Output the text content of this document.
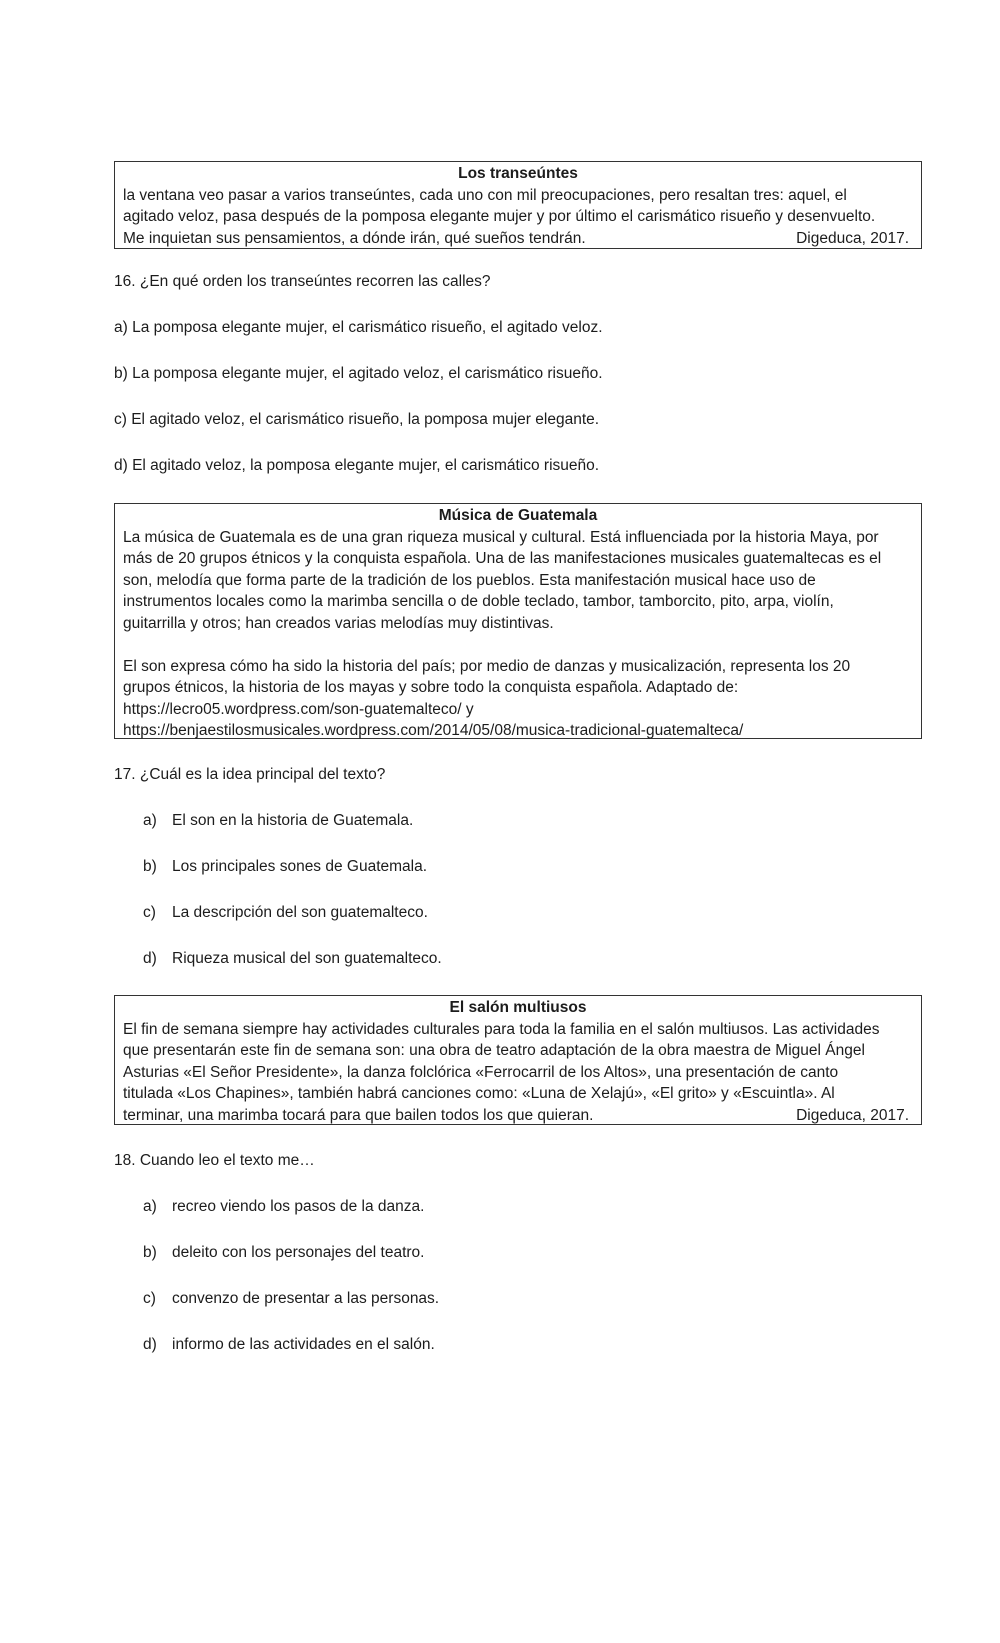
Los transeúntes

la ventana veo pasar a varios transeúntes, cada uno con mil preocupaciones, pero resaltan tres: aquel, el

agitado veloz, pasa después de la pomposa elegante mujer y por último el carismático risueño y desenvuelto.

Me inquietan sus pensamientos, a dónde irán, qué sueños tendrán.	Digeduca, 2017.

16. ¿En qué orden los transeúntes recorren las calles?
a) La pomposa elegante mujer, el carismático risueño, el agitado veloz.
b) La pomposa elegante mujer, el agitado veloz, el carismático risueño.
c) El agitado veloz, el carismático risueño, la pomposa mujer elegante.
d) El agitado veloz, la pomposa elegante mujer, el carismático risueño.
Música de Guatemala

La música de Guatemala es de una gran riqueza musical y cultural. Está influenciada por la historia Maya, por

más de 20 grupos étnicos y la conquista española. Una de las manifestaciones musicales guatemaltecas es el

son, melodía que forma parte de la tradición de los pueblos. Esta manifestación musical hace uso de

instrumentos locales como la marimba sencilla o de doble teclado, tambor, tamborcito, pito, arpa, violín,

guitarrilla y otros; han creados varias melodías muy distintivas.

El son expresa cómo ha sido la historia del país; por medio de danzas y musicalización, representa los 20

grupos étnicos, la historia de los mayas y sobre todo la conquista española. Adaptado de:

https://lecro05.wordpress.com/son-guatemalteco/ y

https://benjaestilosmusicales.wordpress.com/2014/05/08/musica-tradicional-guatemalteca/

17. ¿Cuál es la idea principal del texto?
a) El son en la historia de Guatemala.
b) Los principales sones de Guatemala.
c) La descripción del son guatemalteco.
d) Riqueza musical del son guatemalteco.
El salón multiusos

El fin de semana siempre hay actividades culturales para toda la familia en el salón multiusos. Las actividades

que presentarán este fin de semana son: una obra de teatro adaptación de la obra maestra de Miguel Ángel

Asturias «El Señor Presidente», la danza folclórica «Ferrocarril de los Altos», una presentación de canto

titulada «Los Chapines», también habrá canciones como: «Luna de Xelajú», «El grito» y «Escuintla». Al

terminar, una marimba tocará para que bailen todos los que quieran.	Digeduca, 2017.

18. Cuando leo el texto me…
a) recreo viendo los pasos de la danza.
b) deleito con los personajes del teatro.
c) convenzo de presentar a las personas.
d) informo de las actividades en el salón.
